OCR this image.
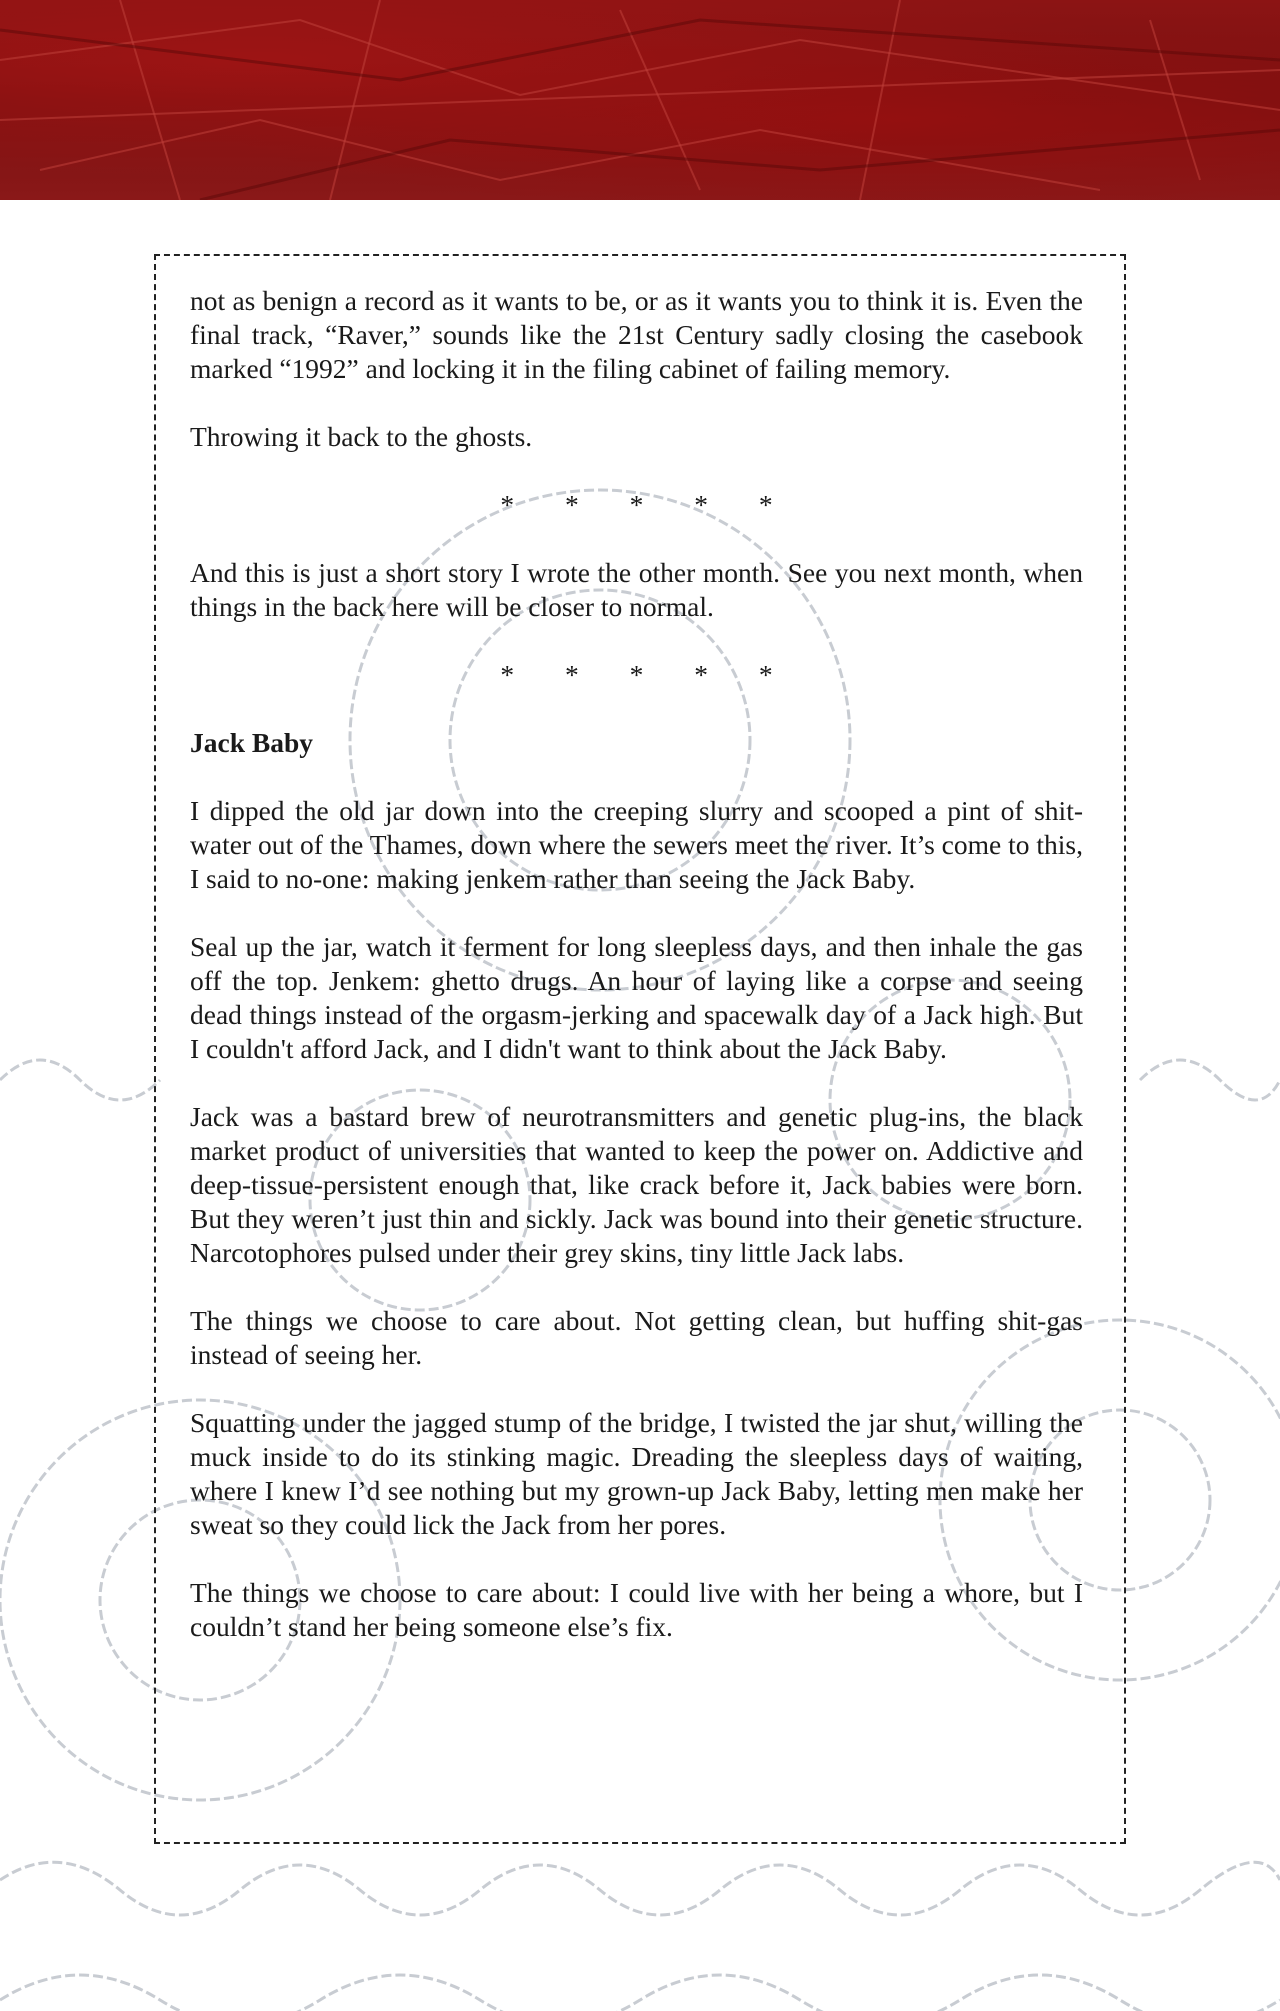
not as benign a record as it wants to be, or as it wants you to think it is. Even the final track, “Raver,” sounds like the 21st Century sadly closing the casebook marked “1992” and locking it in the filing cabinet of failing memory.

Throwing it back to the ghosts.

* * * * *

And this is just a short story I wrote the other month. See you next month, when things in the back here will be closer to normal.

* * * * *
Jack Baby

I dipped the old jar down into the creeping slurry and scooped a pint of shit-water out of the Thames, down where the sewers meet the river. It’s come to this, I said to no-one: making jenkem rather than seeing the Jack Baby.

Seal up the jar, watch it ferment for long sleepless days, and then inhale the gas off the top. Jenkem: ghetto drugs. An hour of laying like a corpse and seeing dead things instead of the orgasm-jerking and spacewalk day of a Jack high. But I couldn't afford Jack, and I didn't want to think about the Jack Baby.

Jack was a bastard brew of neurotransmitters and genetic plug-ins, the black market product of universities that wanted to keep the power on. Addictive and deep-tissue-persistent enough that, like crack before it, Jack babies were born. But they weren’t just thin and sickly. Jack was bound into their genetic structure. Narcotophores pulsed under their grey skins, tiny little Jack labs.

The things we choose to care about. Not getting clean, but huffing shit-gas instead of seeing her.

Squatting under the jagged stump of the bridge, I twisted the jar shut, willing the muck inside to do its stinking magic. Dreading the sleepless days of waiting, where I knew I’d see nothing but my grown-up Jack Baby, letting men make her sweat so they could lick the Jack from her pores.

The things we choose to care about: I could live with her being a whore, but I couldn’t stand her being someone else’s fix.
